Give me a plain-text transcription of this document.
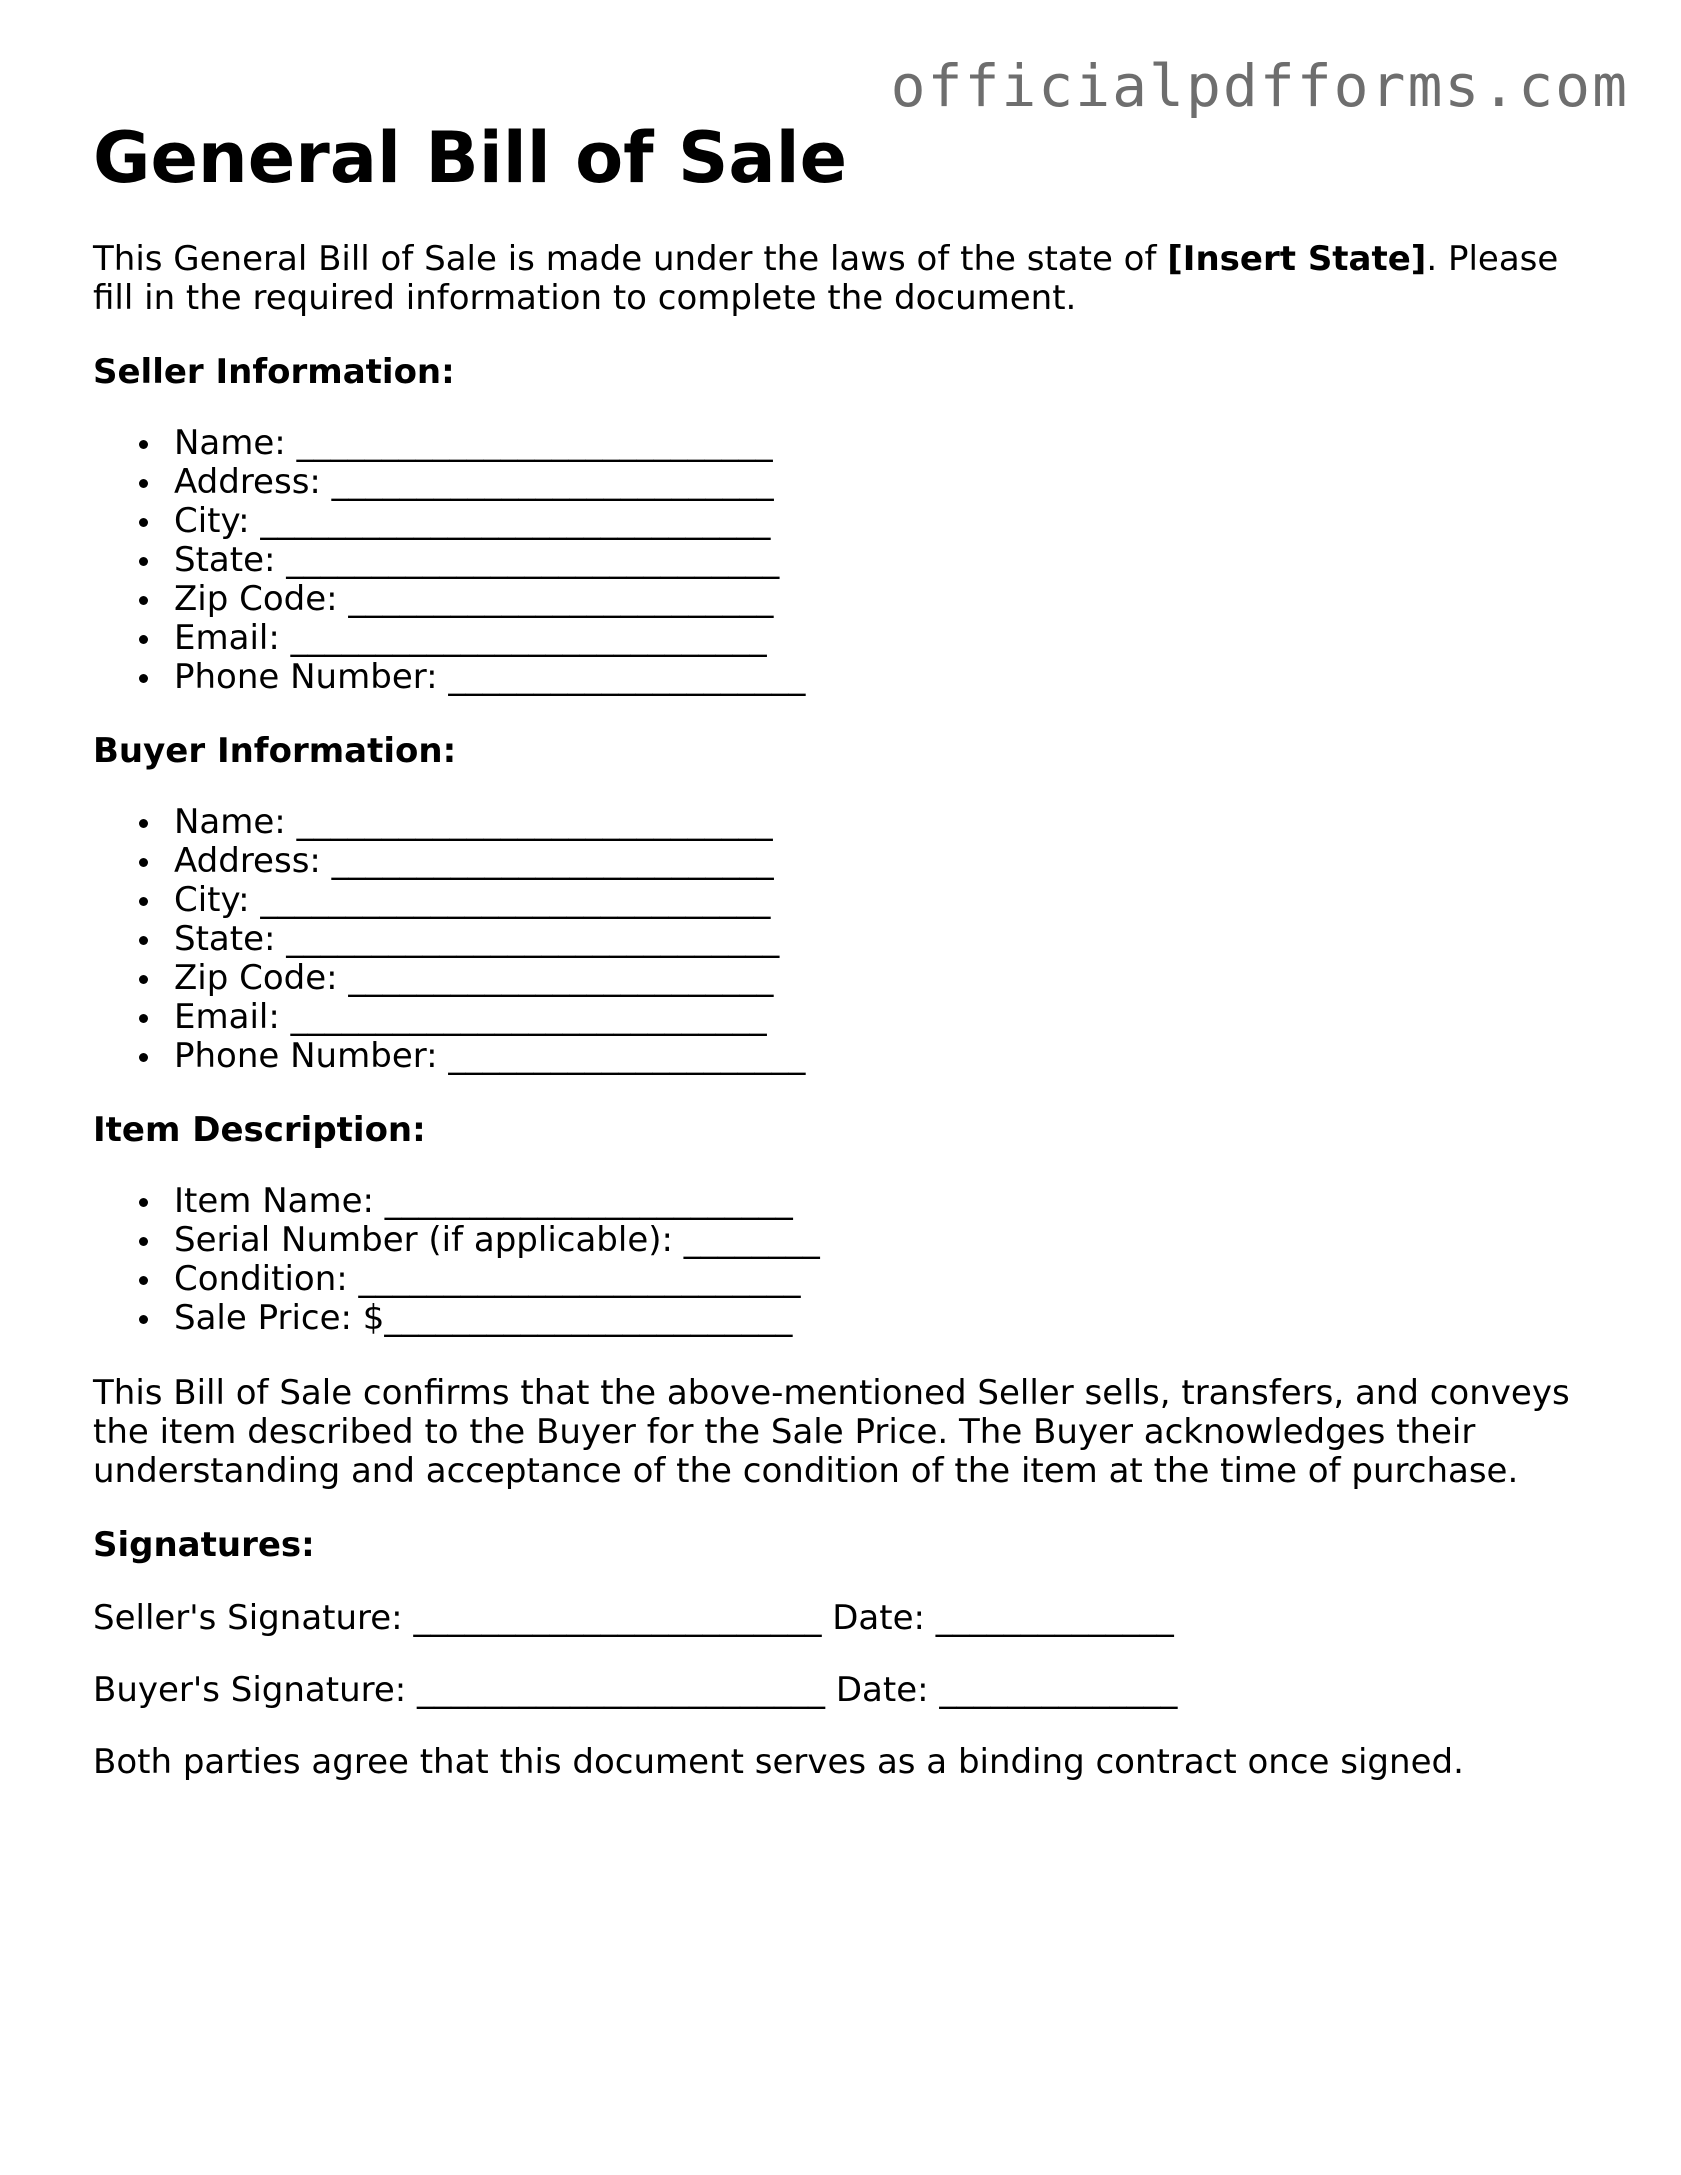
officialpdfforms.com
General Bill of Sale

This General Bill of Sale is made under the laws of the state of [Insert State]. Please fill in the required information to complete the document.

Seller Information:
Name: ____________________________
Address: __________________________
City: ______________________________
State: _____________________________
Zip Code: _________________________
Email: ____________________________
Phone Number: _____________________
Buyer Information:
Name: ____________________________
Address: __________________________
City: ______________________________
State: _____________________________
Zip Code: _________________________
Email: ____________________________
Phone Number: _____________________
Item Description:
Item Name: ________________________
Serial Number (if applicable): ________
Condition: __________________________
Sale Price: $________________________

This Bill of Sale confirms that the above-mentioned Seller sells, transfers, and conveys the item described to the Buyer for the Sale Price. The Buyer acknowledges their understanding and acceptance of the condition of the item at the time of purchase.

Signatures:

Seller's Signature: ________________________ Date: ______________

Buyer's Signature: ________________________ Date: ______________

Both parties agree that this document serves as a binding contract once signed.
